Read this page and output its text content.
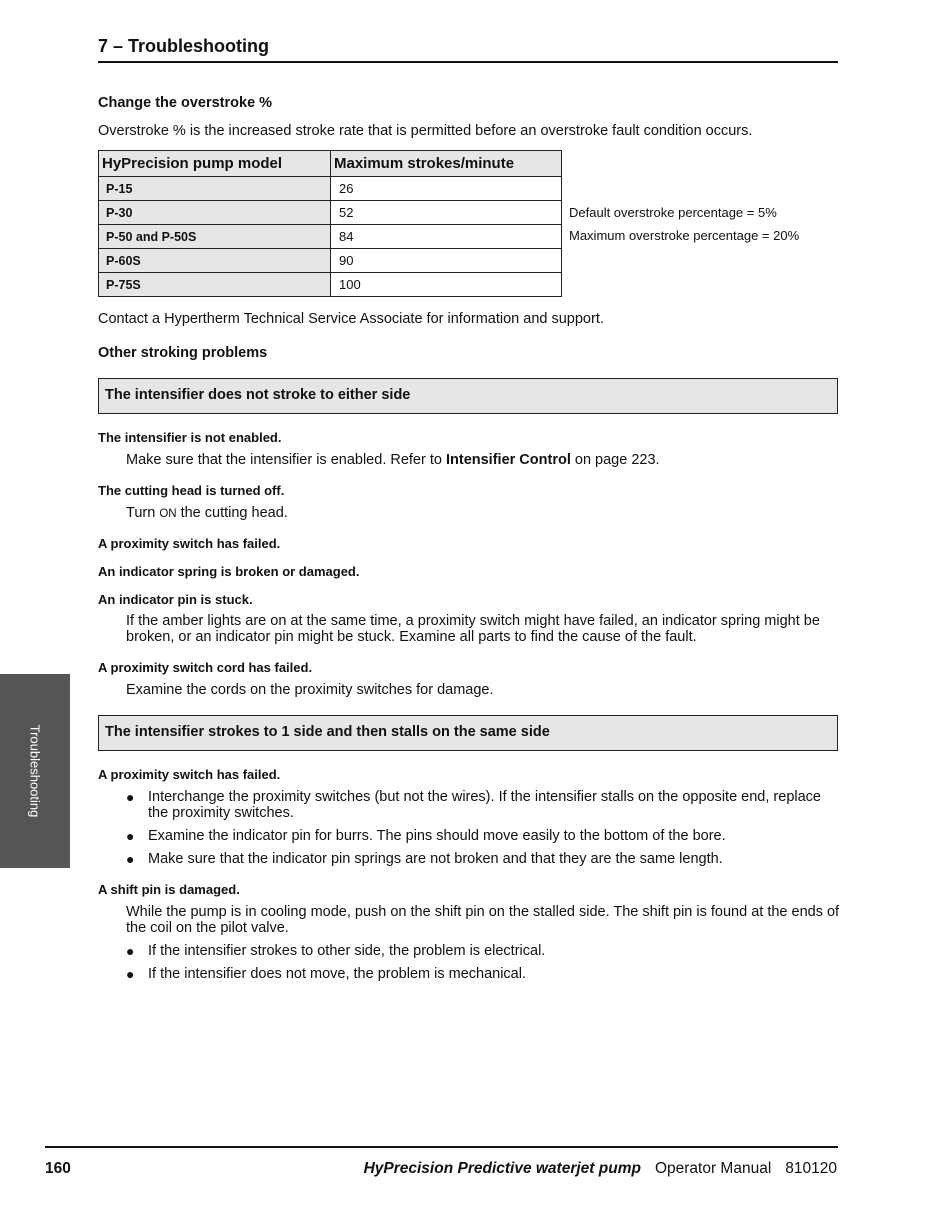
7 – Troubleshooting
Change the overstroke %
Overstroke % is the increased stroke rate that is permitted before an overstroke fault condition occurs.
HyPrecision pump model	Maximum strokes/minute
P-15	26
P-30	52
P-50 and P-50S	84
P-60S	90
P-75S	100
Default overstroke percentage = 5%
Maximum overstroke percentage = 20%
Contact a Hypertherm Technical Service Associate for information and support.
Other stroking problems
The intensifier does not stroke to either side
The intensifier is not enabled.
Make sure that the intensifier is enabled. Refer to Intensifier Control on page 223.
The cutting head is turned off.
Turn ON the cutting head.
A proximity switch has failed.
An indicator spring is broken or damaged.
An indicator pin is stuck.
If the amber lights are on at the same time, a proximity switch might have failed, an indicator spring might be broken, or an indicator pin might be stuck. Examine all parts to find the cause of the fault.
A proximity switch cord has failed.
Examine the cords on the proximity switches for damage.
The intensifier strokes to 1 side and then stalls on the same side
A proximity switch has failed.
● Interchange the proximity switches (but not the wires). If the intensifier stalls on the opposite end, replace the proximity switches.
● Examine the indicator pin for burrs. The pins should move easily to the bottom of the bore.
● Make sure that the indicator pin springs are not broken and that they are the same length.
A shift pin is damaged.
While the pump is in cooling mode, push on the shift pin on the stalled side. The shift pin is found at the ends of the coil on the pilot valve.
● If the intensifier strokes to other side, the problem is electrical.
● If the intensifier does not move, the problem is mechanical.
Troubleshooting
160	HyPrecision Predictive waterjet pump Operator Manual 810120
